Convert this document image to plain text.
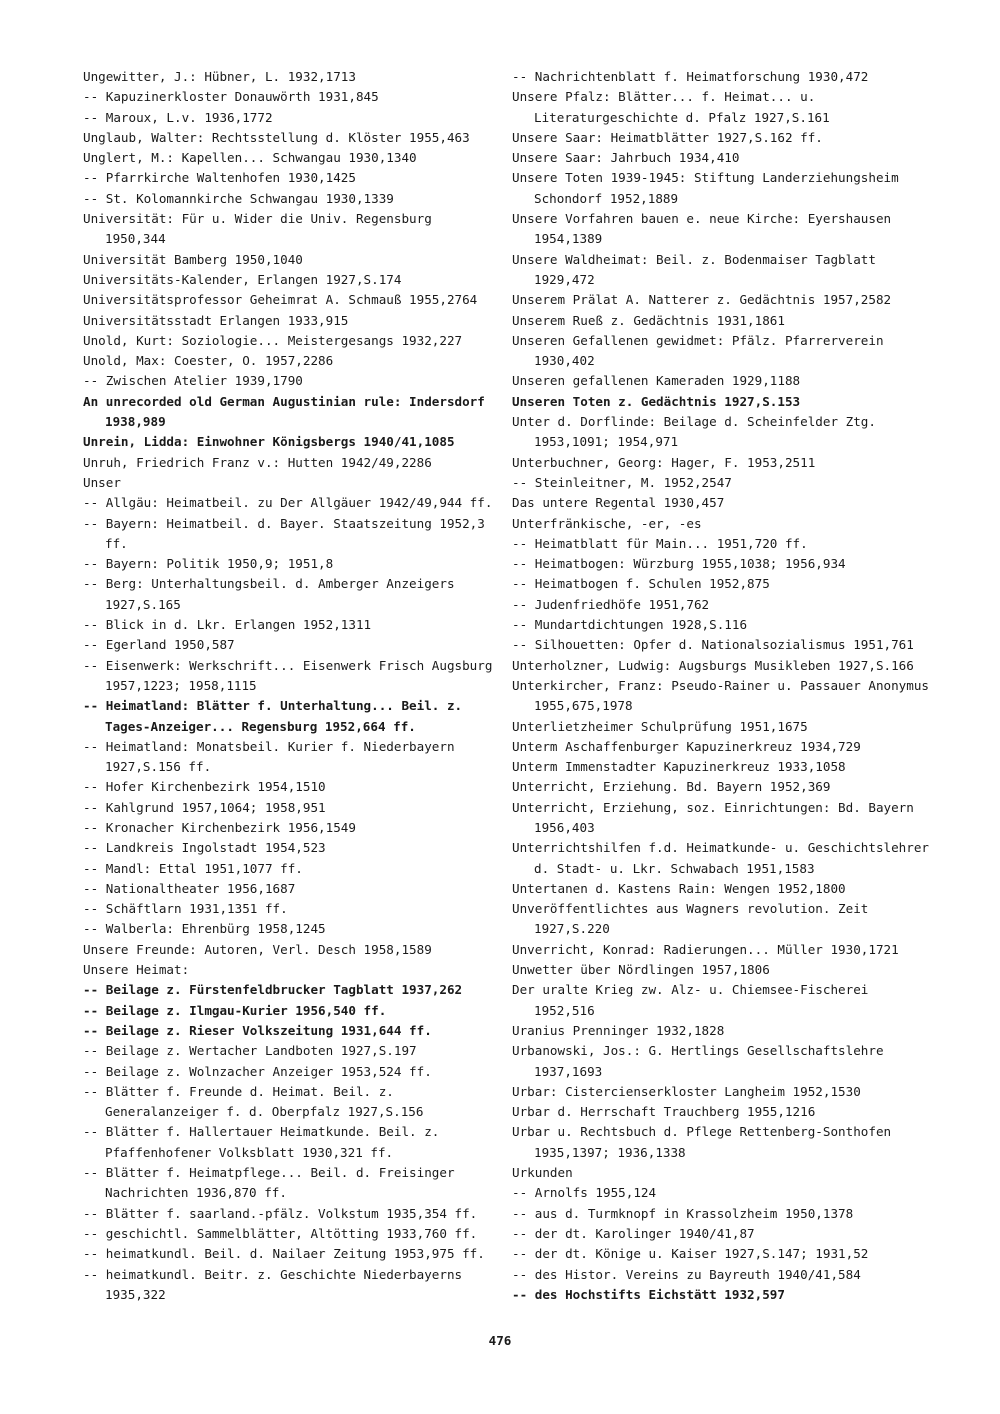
Ungewitter, J.: Hübner, L. 1932,1713
-- Kapuzinerkloster Donauwörth 1931,845
-- Maroux, L.v. 1936,1772
Unglaub, Walter: Rechtsstellung d. Klöster 1955,463
Unglert, M.: Kapellen... Schwangau 1930,1340
-- Pfarrkirche Waltenhofen 1930,1425
-- St. Kolomannkirche Schwangau 1930,1339
Universität: Für u. Wider die Univ. Regensburg 1950,344
Universität Bamberg 1950,1040
Universitäts-Kalender, Erlangen 1927,S.174
Universitätsprofessor Geheimrat A. Schmauß 1955,2764
Universitätsstadt Erlangen 1933,915
Unold, Kurt: Soziologie... Meistergesangs 1932,227
Unold, Max: Coester, O. 1957,2286
-- Zwischen Atelier 1939,1790
An unrecorded old German Augustinian rule: Indersdorf 1938,989
Unrein, Lidda: Einwohner Königsbergs 1940/41,1085
Unruh, Friedrich Franz v.: Hutten 1942/49,2286
Unser
-- Allgäu: Heimatbeil. zu Der Allgäuer 1942/49,944 ff.
-- Bayern: Heimatbeil. d. Bayer. Staatszeitung 1952,3 ff.
-- Bayern: Politik 1950,9; 1951,8
-- Berg: Unterhaltungsbeil. d. Amberger Anzeigers 1927,S.165
-- Blick in d. Lkr. Erlangen 1952,1311
-- Egerland 1950,587
-- Eisenwerk: Werkschrift... Eisenwerk Frisch Augsburg 1957,1223; 1958,1115
-- Heimatland: Blätter f. Unterhaltung... Beil. z. Tages-Anzeiger... Regensburg 1952,664 ff.
-- Heimatland: Monatsbeil. Kurier f. Niederbayern 1927,S.156 ff.
-- Hofer Kirchenbezirk 1954,1510
-- Kahlgrund 1957,1064; 1958,951
-- Kronacher Kirchenbezirk 1956,1549
-- Landkreis Ingolstadt 1954,523
-- Mandl: Ettal 1951,1077 ff.
-- Nationaltheater 1956,1687
-- Schäftlarn 1931,1351 ff.
-- Walberla: Ehrenbürg 1958,1245
Unsere Freunde: Autoren, Verl. Desch 1958,1589
Unsere Heimat:
-- Beilage z. Fürstenfeldbrucker Tagblatt 1937,262
-- Beilage z. Ilmgau-Kurier 1956,540 ff.
-- Beilage z. Rieser Volkszeitung 1931,644 ff.
-- Beilage z. Wertacher Landboten 1927,S.197
-- Beilage z. Wolnzacher Anzeiger 1953,524 ff.
-- Blätter f. Freunde d. Heimat. Beil. z. Generalanzeiger f. d. Oberpfalz 1927,S.156
-- Blätter f. Hallertauer Heimatkunde. Beil. z. Pfaffenhofener Volksblatt 1930,321 ff.
-- Blätter f. Heimatpflege... Beil. d. Freisinger Nachrichten 1936,870 ff.
-- Blätter f. saarland.-pfälz. Volkstum 1935,354 ff.
-- geschichtl. Sammelblätter, Altötting 1933,760 ff.
-- heimatkundl. Beil. d. Nailaer Zeitung 1953,975 ff.
-- heimatkundl. Beitr. z. Geschichte Niederbayerns 1935,322
-- Nachrichtenblatt f. Heimatforschung 1930,472
Unsere Pfalz: Blätter... f. Heimat... u. Literaturgeschichte d. Pfalz 1927,S.161
Unsere Saar: Heimatblätter 1927,S.162 ff.
Unsere Saar: Jahrbuch 1934,410
Unsere Toten 1939-1945: Stiftung Landerziehungsheim Schondorf 1952,1889
Unsere Vorfahren bauen e. neue Kirche: Eyershausen 1954,1389
Unsere Waldheimat: Beil. z. Bodenmaiser Tagblatt 1929,472
Unserem Prälat A. Natterer z. Gedächtnis 1957,2582
Unserem Rueß z. Gedächtnis 1931,1861
Unseren Gefallenen gewidmet: Pfälz. Pfarrerverein 1930,402
Unseren gefallenen Kameraden 1929,1188
Unseren Toten z. Gedächtnis 1927,S.153
Unter d. Dorflinde: Beilage d. Scheinfelder Ztg. 1953,1091; 1954,971
Unterbuchner, Georg: Hager, F. 1953,2511
-- Steinleitner, M. 1952,2547
Das untere Regental 1930,457
Unterfränkische, -er, -es
-- Heimatblatt für Main... 1951,720 ff.
-- Heimatbogen: Würzburg 1955,1038; 1956,934
-- Heimatbogen f. Schulen 1952,875
-- Judenfriedhöfe 1951,762
-- Mundartdichtungen 1928,S.116
-- Silhouetten: Opfer d. Nationalsozialismus 1951,761
Unterholzner, Ludwig: Augsburgs Musikleben 1927,S.166
Unterkircher, Franz: Pseudo-Rainer u. Passauer Anonymus 1955,675,1978
Unterlietzheimer Schulprüfung 1951,1675
Unterm Aschaffenburger Kapuzinerkreuz 1934,729
Unterm Immenstadter Kapuzinerkreuz 1933,1058
Unterricht, Erziehung. Bd. Bayern 1952,369
Unterricht, Erziehung, soz. Einrichtungen: Bd. Bayern 1956,403
Unterrichtshilfen f.d. Heimatkunde- u. Geschichtslehrer d. Stadt- u. Lkr. Schwabach 1951,1583
Untertanen d. Kastens Rain: Wengen 1952,1800
Unveröffentlichtes aus Wagners revolution. Zeit 1927,S.220
Unverricht, Konrad: Radierungen... Müller 1930,1721
Unwetter über Nördlingen 1957,1806
Der uralte Krieg zw. Alz- u. Chiemsee-Fischerei 1952,516
Uranius Prenninger 1932,1828
Urbanowski, Jos.: G. Hertlings Gesellschaftslehre 1937,1693
Urbar: Cistercienserkloster Langheim 1952,1530
Urbar d. Herrschaft Trauchberg 1955,1216
Urbar u. Rechtsbuch d. Pflege Rettenberg-Sonthofen 1935,1397; 1936,1338
Urkunden
-- Arnolfs 1955,124
-- aus d. Turmknopf in Krassolzheim 1950,1378
-- der dt. Karolinger 1940/41,87
-- der dt. Könige u. Kaiser 1927,S.147; 1931,52
-- des Histor. Vereins zu Bayreuth 1940/41,584
-- des Hochstifts Eichstätt 1932,597
476
